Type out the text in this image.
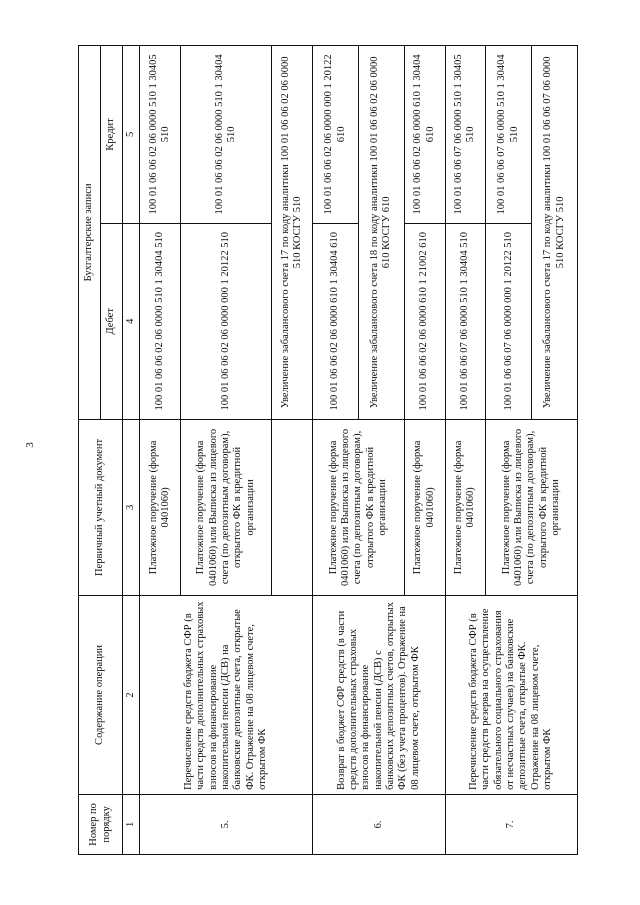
3
Номер по порядку	Содержание операции	Первичный учетный документ	Бухгалтерские записи	
			Дебет	Кредит
1	2	3	4	5
5.	Перечисление средств бюджета СФР (в части средств дополнительных страховых взносов на финансирование накопительной пенсии (ДСВ) на банковские депозитные счета, открытые ФК. Отражение на 08 лицевом счете, открытом ФК	Платежное поручение (форма 0401060)	100 01 06 06 02 06 0000 510 1 30404 510	100 01 06 06 02 06 0000 510 1 30405 510
		Платежное поручение (форма 0401060) или Выписка из лицевого счета (по депозитным договорам), открытого ФК в кредитной организации	100 01 06 06 02 06 0000 000 1 20122 510	100 01 06 06 02 06 0000 510 1 30404 510
			Увеличение забалансового счета 17 по коду аналитики 100 01 06 06 02 06 0000 510 КОСГУ 510	
6.	Возврат в бюджет СФР средств (в части средств дополнительных страховых взносов на финансирование накопительной пенсии (ДСВ) с банковских депозитных счетов, открытых ФК (без учета процентов). Отражение на 08 лицевом счете, открытом ФК	Платежное поручение (форма 0401060) или Выписка из лицевого счета (по депозитным договорам), открытого ФК в кредитной организации	100 01 06 06 02 06 0000 610 1 30404 610	100 01 06 06 02 06 0000 000 1 20122 610
			Увеличение забалансового счета 18 по коду аналитики 100 01 06 06 02 06 0000 610 КОСГУ 610	
		Платежное поручение (форма 0401060)	100 01 06 06 02 06 0000 610 1 21002 610	100 01 06 06 02 06 0000 610 1 30404 610
7.	Перечисление средств бюджета СФР (в части средств резерва на осуществление обязательного социального страхования от несчастных случаев) на банковские депозитные счета, открытые ФК. Отражение на 08 лицевом счете, открытом ФК	Платежное поручение (форма 0401060)	100 01 06 06 07 06 0000 510 1 30404 510	100 01 06 06 07 06 0000 510 1 30405 510
		Платежное поручение (форма 0401060) или Выписка из лицевого счета (по депозитным договорам), открытого ФК в кредитной организации	100 01 06 06 07 06 0000 000 1 20122 510	100 01 06 06 07 06 0000 510 1 30404 510
			Увеличение забалансового счета 17 по коду аналитики 100 01 06 06 07 06 0000 510 КОСГУ 510	
